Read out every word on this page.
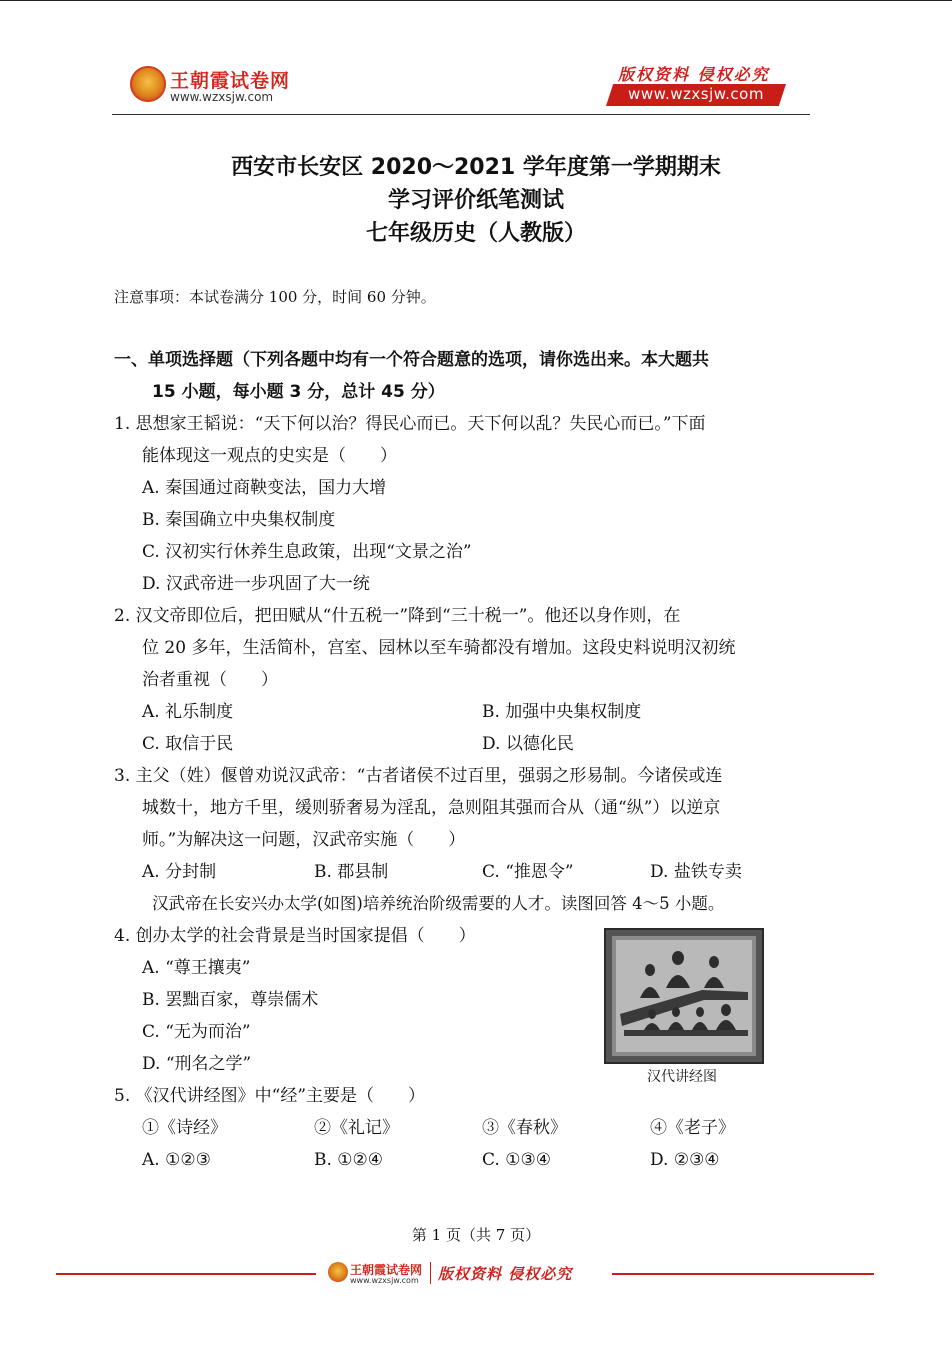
王朝霞试卷网
www.wzxsjw.com
版权资料 侵权必究
www.wzxsjw.com
西安市长安区 2020～2021 学年度第一学期期末
学习评价纸笔测试
七年级历史（人教版）
注意事项：本试卷满分 100 分，时间 60 分钟。
一、单项选择题（下列各题中均有一个符合题意的选项，请你选出来。本大题共
15 小题，每小题 3 分，总计 45 分）
1. 思想家王韬说：“天下何以治？得民心而已。天下何以乱？失民心而已。”下面
能体现这一观点的史实是（　　）
A. 秦国通过商鞅变法，国力大增
B. 秦国确立中央集权制度
C. 汉初实行休养生息政策，出现“文景之治”
D. 汉武帝进一步巩固了大一统
2. 汉文帝即位后，把田赋从“什五税一”降到“三十税一”。他还以身作则，在
位 20 多年，生活简朴，宫室、园林以至车骑都没有增加。这段史料说明汉初统
治者重视（　　）
A. 礼乐制度	B. 加强中央集权制度
C. 取信于民	D. 以德化民
3. 主父（姓）偃曾劝说汉武帝：“古者诸侯不过百里，强弱之形易制。今诸侯或连
城数十，地方千里，缓则骄奢易为淫乱，急则阻其强而合从（通“纵”）以逆京
师。”为解决这一问题，汉武帝实施（　　）
A. 分封制	B. 郡县制	C. “推恩令”	D. 盐铁专卖
汉武帝在长安兴办太学(如图)培养统治阶级需要的人才。读图回答 4～5 小题。
4. 创办太学的社会背景是当时国家提倡（　　）
A. “尊王攘夷”
B. 罢黜百家，尊崇儒术
C. “无为而治”
D. “刑名之学”
汉代讲经图
5. 《汉代讲经图》中“经”主要是（　　）
①《诗经》	②《礼记》	③《春秋》	④《老子》
A. ①②③	B. ①②④	C. ①③④	D. ②③④
第 1 页（共 7 页）
王朝霞试卷网
www.wzxsjw.com 版权资料 侵权必究
